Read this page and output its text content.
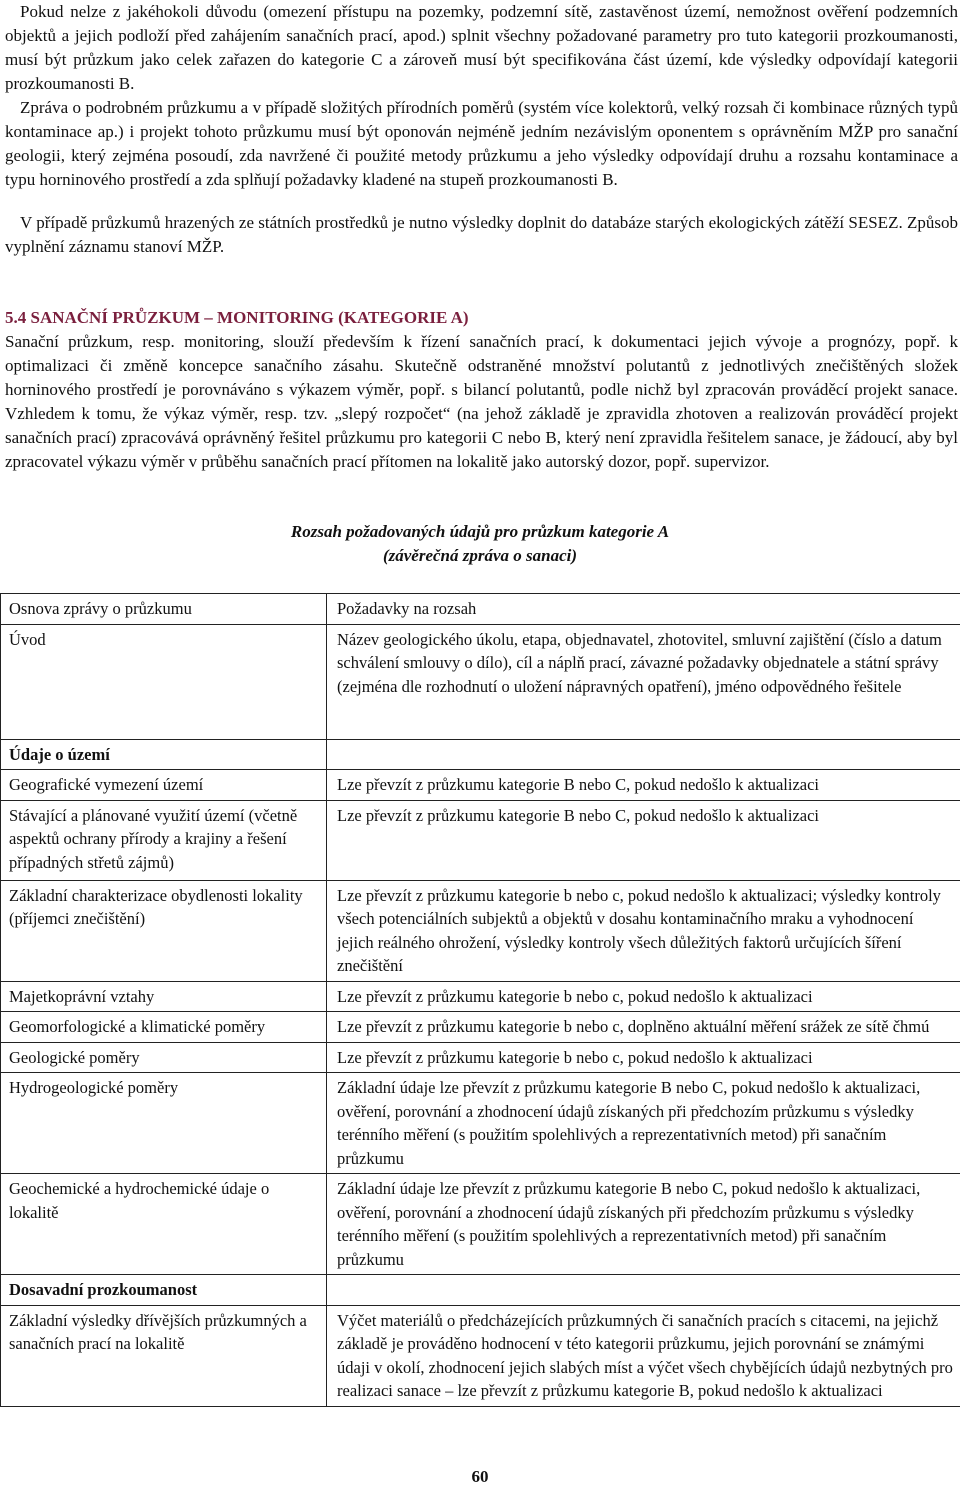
Pokud nelze z jakéhokoli důvodu (omezení přístupu na pozemky, podzemní sítě, zastavěnost území, nemožnost ověření podzemních objektů a jejich podloží před zahájením sanačních prací, apod.) splnit všechny požadované parametry pro tuto kategorii prozkoumanosti, musí být průzkum jako celek zařazen do kategorie C a zároveň musí být specifikována část území, kde výsledky odpovídají kategorii prozkoumanosti B.

Zpráva o podrobném průzkumu a v případě složitých přírodních poměrů (systém více kolektorů, velký rozsah či kombinace různých typů kontaminace ap.) i projekt tohoto průzkumu musí být oponován nejméně jedním nezávislým oponentem s oprávněním MŽP pro sanační geologii, který zejména posoudí, zda navržené či použité metody průzkumu a jeho výsledky odpovídají druhu a rozsahu kontaminace a typu horninového prostředí a zda splňují požadavky kladené na stupeň prozkoumanosti B.

V případě průzkumů hrazených ze státních prostředků je nutno výsledky doplnit do databáze starých ekologických zátěží SESEZ. Způsob vyplnění záznamu stanoví MŽP.

5.4 SANAČNÍ PRŮZKUM – MONITORING (KATEGORIE A)

Sanační průzkum, resp. monitoring, slouží především k řízení sanačních prací, k dokumentaci jejich vývoje a prognózy, popř. k optimalizaci či změně koncepce sanačního zásahu. Skutečně odstraněné množství polutantů z jednotlivých znečištěných složek horninového prostředí je porovnáváno s výkazem výměr, popř. s bilancí polutantů, podle nichž byl zpracován prováděcí projekt sanace. Vzhledem k tomu, že výkaz výměr, resp. tzv. „slepý rozpočet“ (na jehož základě je zpravidla zhotoven a realizován prováděcí projekt sanačních prací) zpracovává oprávněný řešitel průzkumu pro kategorii C nebo B, který není zpravidla řešitelem sanace, je žádoucí, aby byl zpracovatel výkazu výměr v průběhu sanačních prací přítomen na lokalitě jako autorský dozor, popř. supervizor.

Rozsah požadovaných údajů pro průzkum kategorie A
(závěrečná zpráva o sanaci)
Osnova zprávy o průzkumu	Požadavky na rozsah
Úvod	Název geologického úkolu, etapa, objednavatel, zhotovitel, smluvní zajištění (číslo a datum schválení smlouvy o dílo), cíl a náplň prací, závazné požadavky objednatele a státní správy (zejména dle rozhodnutí o uložení nápravných opatření), jméno odpovědného řešitele
Údaje o území	
Geografické vymezení území	Lze převzít z průzkumu kategorie B nebo C, pokud nedošlo k aktualizaci
Stávající a plánované využití území (včetně aspektů ochrany přírody a krajiny a řešení případných střetů zájmů)	Lze převzít z průzkumu kategorie B nebo C, pokud nedošlo k aktualizaci
Základní charakterizace obydlenosti lokality (příjemci znečištění)	Lze převzít z průzkumu kategorie b nebo c, pokud nedošlo k aktualizaci; výsledky kontroly všech potenciálních subjektů a objektů v dosahu kontaminačního mraku a vyhodnocení jejich reálného ohrožení, výsledky kontroly všech důležitých faktorů určujících šíření znečištění
Majetkoprávní vztahy	Lze převzít z průzkumu kategorie b nebo c, pokud nedošlo k aktualizaci
Geomorfologické a klimatické poměry	Lze převzít z průzkumu kategorie b nebo c, doplněno aktuální měření srážek ze sítě čhmú
Geologické poměry	Lze převzít z průzkumu kategorie b nebo c, pokud nedošlo k aktualizaci
Hydrogeologické poměry	Základní údaje lze převzít z průzkumu kategorie B nebo C, pokud nedošlo k aktualizaci, ověření, porovnání a zhodnocení údajů získaných při předchozím průzkumu s výsledky terénního měření (s použitím spolehlivých a reprezentativních metod) při sanačním průzkumu
Geochemické a hydrochemické údaje o lokalitě	Základní údaje lze převzít z průzkumu kategorie B nebo C, pokud nedošlo k aktualizaci, ověření, porovnání a zhodnocení údajů získaných při předchozím průzkumu s výsledky terénního měření (s použitím spolehlivých a reprezentativních metod) při sanačním průzkumu
Dosavadní prozkoumanost	
Základní výsledky dřívějších průzkumných a sanačních prací na lokalitě	Výčet materiálů o předcházejících průzkumných či sanačních pracích s citacemi, na jejichž základě je prováděno hodnocení v této kategorii průzkumu, jejich porovnání se známými údaji v okolí, zhodnocení jejich slabých míst a výčet všech chybějících údajů nezbytných pro realizaci sanace – lze převzít z průzkumu kategorie B, pokud nedošlo k aktualizaci
60
